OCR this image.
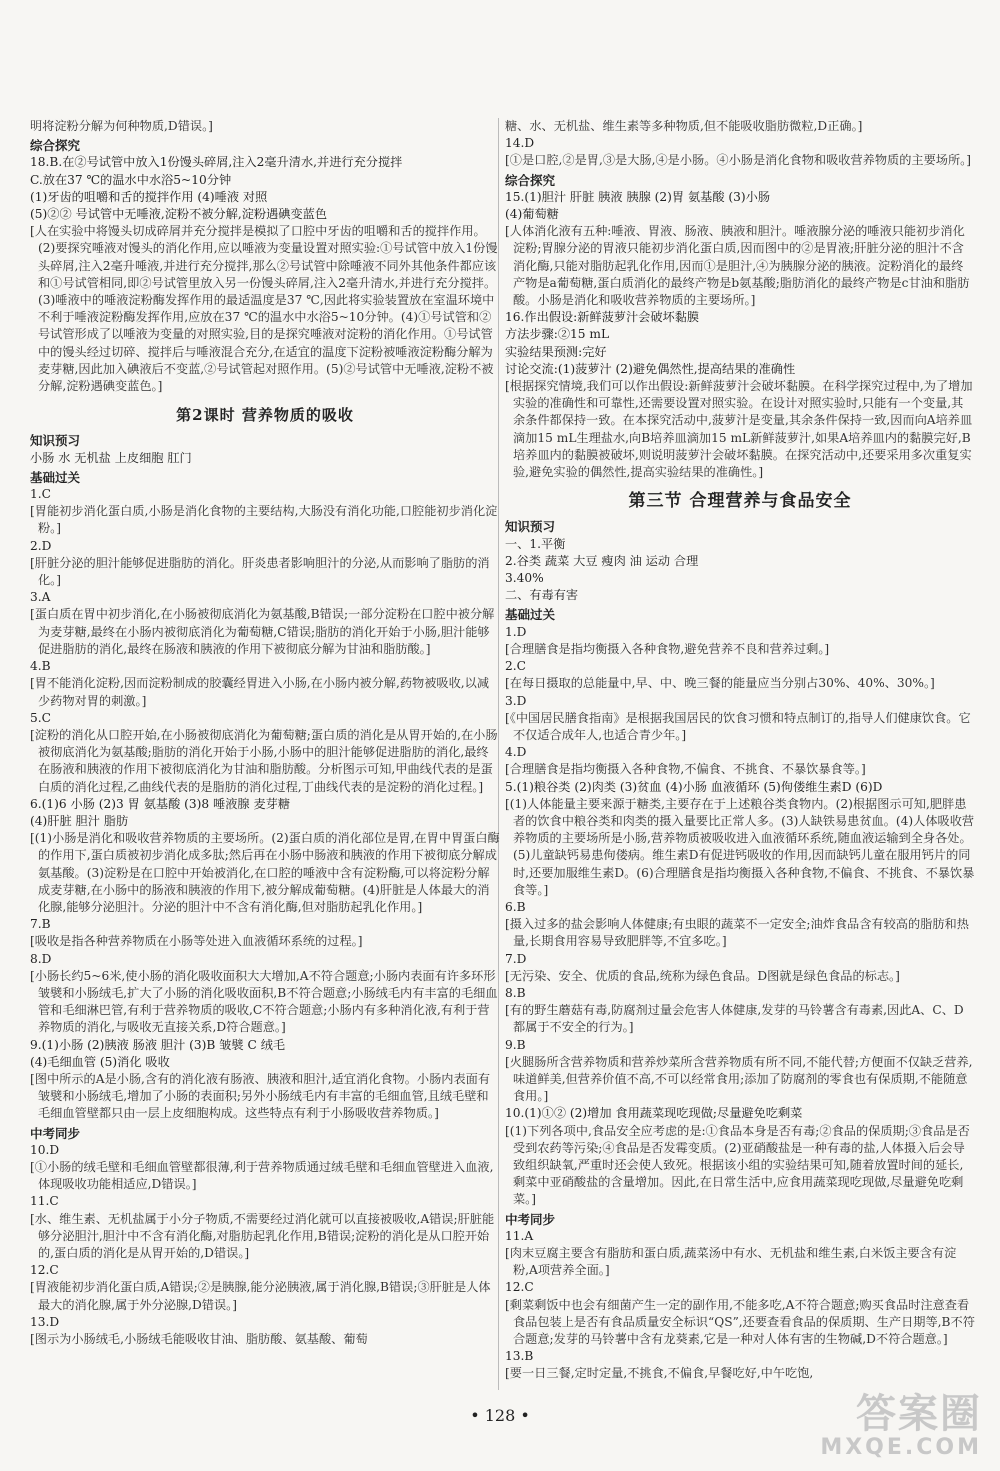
明将淀粉分解为何种物质,D错误。]

综合探究

18.B.在②号试管中放入1份馒头碎屑,注入2毫升清水,并进行充分搅拌

C.放在37 ℃的温水中水浴5~10分钟

(1)牙齿的咀嚼和舌的搅拌作用 (4)唾液 对照

(5)②② 号试管中无唾液,淀粉不被分解,淀粉遇碘变蓝色

[人在实验中将馒头切成碎屑并充分搅拌是模拟了口腔中牙齿的咀嚼和舌的搅拌作用。(2)要探究唾液对馒头的消化作用,应以唾液为变量设置对照实验:①号试管中放入1份馒头碎屑,注入2毫升唾液,并进行充分搅拌,那么②号试管中除唾液不同外其他条件都应该和①号试管相同,即②号试管里放入另一份馒头碎屑,注入2毫升清水,并进行充分搅拌。(3)唾液中的唾液淀粉酶发挥作用的最适温度是37 ℃,因此将实验装置放在室温环境中不利于唾液淀粉酶发挥作用,应放在37 ℃的温水中水浴5~10分钟。(4)①号试管和②号试管形成了以唾液为变量的对照实验,目的是探究唾液对淀粉的消化作用。①号试管中的馒头经过切碎、搅拌后与唾液混合充分,在适宜的温度下淀粉被唾液淀粉酶分解为麦芽糖,因此加入碘液后不变蓝,②号试管起对照作用。(5)②号试管中无唾液,淀粉不被分解,淀粉遇碘变蓝色。]

第2课时 营养物质的吸收

知识预习

小肠 水 无机盐 上皮细胞 肛门

基础过关

1.C

[胃能初步消化蛋白质,小肠是消化食物的主要结构,大肠没有消化功能,口腔能初步消化淀粉。]

2.D

[肝脏分泌的胆汁能够促进脂肪的消化。肝炎患者影响胆汁的分泌,从而影响了脂肪的消化。]

3.A

[蛋白质在胃中初步消化,在小肠被彻底消化为氨基酸,B错误;一部分淀粉在口腔中被分解为麦芽糖,最终在小肠内被彻底消化为葡萄糖,C错误;脂肪的消化开始于小肠,胆汁能够促进脂肪的消化,最终在肠液和胰液的作用下被彻底分解为甘油和脂肪酸。]

4.B

[胃不能消化淀粉,因而淀粉制成的胶囊经胃进入小肠,在小肠内被分解,药物被吸收,以减少药物对胃的刺激。]

5.C

[淀粉的消化从口腔开始,在小肠被彻底消化为葡萄糖;蛋白质的消化是从胃开始的,在小肠被彻底消化为氨基酸;脂肪的消化开始于小肠,小肠中的胆汁能够促进脂肪的消化,最终在肠液和胰液的作用下被彻底消化为甘油和脂肪酸。分析图示可知,甲曲线代表的是蛋白质的消化过程,乙曲线代表的是脂肪的消化过程,丁曲线代表的是淀粉的消化过程。]

6.(1)6 小肠 (2)3 胃 氨基酸 (3)8 唾液腺 麦芽糖

(4)肝脏 胆汁 脂肪

[(1)小肠是消化和吸收营养物质的主要场所。(2)蛋白质的消化部位是胃,在胃中胃蛋白酶的作用下,蛋白质被初步消化成多肽;然后再在小肠中肠液和胰液的作用下被彻底分解成氨基酸。(3)淀粉是在口腔中开始被消化,在口腔的唾液中含有淀粉酶,可以将淀粉分解成麦芽糖,在小肠中的肠液和胰液的作用下,被分解成葡萄糖。(4)肝脏是人体最大的消化腺,能够分泌胆汁。分泌的胆汁中不含有消化酶,但对脂肪起乳化作用。]

7.B

[吸收是指各种营养物质在小肠等处进入血液循环系统的过程。]

8.D

[小肠长约5~6米,使小肠的消化吸收面积大大增加,A不符合题意;小肠内表面有许多环形皱襞和小肠绒毛,扩大了小肠的消化吸收面积,B不符合题意;小肠绒毛内有丰富的毛细血管和毛细淋巴管,有利于营养物质的吸收,C不符合题意;小肠内有多种消化液,有利于营养物质的消化,与吸收无直接关系,D符合题意。]

9.(1)小肠 (2)胰液 肠液 胆汁 (3)B 皱襞 C 绒毛

(4)毛细血管 (5)消化 吸收

[图中所示的A是小肠,含有的消化液有肠液、胰液和胆汁,适宜消化食物。小肠内表面有皱襞和小肠绒毛,增加了小肠的表面积;另外小肠绒毛内有丰富的毛细血管,且绒毛壁和毛细血管壁都只由一层上皮细胞构成。这些特点有利于小肠吸收营养物质。]

中考同步

10.D

[①小肠的绒毛壁和毛细血管壁都很薄,利于营养物质通过绒毛壁和毛细血管壁进入血液,体现吸收功能相适应,D错误。]

11.C

[水、维生素、无机盐属于小分子物质,不需要经过消化就可以直接被吸收,A错误;肝脏能够分泌胆汁,胆汁中不含有消化酶,对脂肪起乳化作用,B错误;淀粉的消化是从口腔开始的,蛋白质的消化是从胃开始的,D错误。]

12.C

[胃液能初步消化蛋白质,A错误;②是胰腺,能分泌胰液,属于消化腺,B错误;③肝脏是人体最大的消化腺,属于外分泌腺,D错误。]

13.D

[图示为小肠绒毛,小肠绒毛能吸收甘油、脂肪酸、氨基酸、葡萄

糖、水、无机盐、维生素等多种物质,但不能吸收脂肪微粒,D正确。]

14.D

[①是口腔,②是胃,③是大肠,④是小肠。④小肠是消化食物和吸收营养物质的主要场所。]

综合探究

15.(1)胆汁 肝脏 胰液 胰腺 (2)胃 氨基酸 (3)小肠

(4)葡萄糖

[人体消化液有五种:唾液、胃液、肠液、胰液和胆汁。唾液腺分泌的唾液只能初步消化淀粉;胃腺分泌的胃液只能初步消化蛋白质,因而图中的②是胃液;肝脏分泌的胆汁不含消化酶,只能对脂肪起乳化作用,因而①是胆汁,④为胰腺分泌的胰液。淀粉消化的最终产物是a葡萄糖,蛋白质消化的最终产物是b氨基酸;脂肪消化的最终产物是c甘油和脂肪酸。小肠是消化和吸收营养物质的主要场所。]

16.作出假设:新鲜菠萝汁会破坏黏膜

方法步骤:②15 mL

实验结果预测:完好

讨论交流:(1)菠萝汁 (2)避免偶然性,提高结果的准确性

[根据探究情境,我们可以作出假设:新鲜菠萝汁会破坏黏膜。在科学探究过程中,为了增加实验的准确性和可靠性,还需要设置对照实验。在设计对照实验时,只能有一个变量,其余条件都保持一致。在本探究活动中,菠萝汁是变量,其余条件保持一致,因而向A培养皿滴加15 mL生理盐水,向B培养皿滴加15 mL新鲜菠萝汁,如果A培养皿内的黏膜完好,B培养皿内的黏膜被破坏,则说明菠萝汁会破坏黏膜。在探究活动中,还要采用多次重复实验,避免实验的偶然性,提高实验结果的准确性。]

第三节 合理营养与食品安全

知识预习

一、1.平衡

2.谷类 蔬菜 大豆 瘦肉 油 运动 合理

3.40%

二、有毒有害

基础过关

1.D

[合理膳食是指均衡摄入各种食物,避免营养不良和营养过剩。]

2.C

[在每日摄取的总能量中,早、中、晚三餐的能量应当分别占30%、40%、30%。]

3.D

[《中国居民膳食指南》是根据我国居民的饮食习惯和特点制订的,指导人们健康饮食。它不仅适合成年人,也适合青少年。]

4.D

[合理膳食是指均衡摄入各种食物,不偏食、不挑食、不暴饮暴食等。]

5.(1)粮谷类 (2)肉类 (3)贫血 (4)小肠 血液循环 (5)佝偻维生素D (6)D

[(1)人体能量主要来源于糖类,主要存在于上述粮谷类食物内。(2)根据图示可知,肥胖患者的饮食中粮谷类和肉类的摄入量要比正常人多。(3)人缺铁易患贫血。(4)人体吸收营养物质的主要场所是小肠,营养物质被吸收进入血液循环系统,随血液运输到全身各处。(5)儿童缺钙易患佝偻病。维生素D有促进钙吸收的作用,因而缺钙儿童在服用钙片的同时,还要加服维生素D。(6)合理膳食是指均衡摄入各种食物,不偏食、不挑食、不暴饮暴食等。]

6.B

[摄入过多的盐会影响人体健康;有虫眼的蔬菜不一定安全;油炸食品含有较高的脂肪和热量,长期食用容易导致肥胖等,不宜多吃。]

7.D

[无污染、安全、优质的食品,统称为绿色食品。D图就是绿色食品的标志。]

8.B

[有的野生蘑菇有毒,防腐剂过量会危害人体健康,发芽的马铃薯含有毒素,因此A、C、D都属于不安全的行为。]

9.B

[火腿肠所含营养物质和营养炒菜所含营养物质有所不同,不能代替;方便面不仅缺乏营养,味道鲜美,但营养价值不高,不可以经常食用;添加了防腐剂的零食也有保质期,不能随意食用。]

10.(1)①② (2)增加 食用蔬菜现吃现做;尽量避免吃剩菜

[(1)下列各项中,食品安全应考虑的是:①食品本身是否有毒;②食品的保质期;③食品是否受到农药等污染;④食品是否发霉变质。(2)亚硝酸盐是一种有毒的盐,人体摄入后会导致组织缺氧,严重时还会使人致死。根据该小组的实验结果可知,随着放置时间的延长,剩菜中亚硝酸盐的含量增加。因此,在日常生活中,应食用蔬菜现吃现做,尽量避免吃剩菜。]

中考同步

11.A

[肉末豆腐主要含有脂肪和蛋白质,蔬菜汤中有水、无机盐和维生素,白米饭主要含有淀粉,A项营养全面。]

12.C

[剩菜剩饭中也会有细菌产生一定的副作用,不能多吃,A不符合题意;购买食品时注意查看食品包装上是否有食品质量安全标识“QS”,还要查看食品的保质期、生产日期等,B不符合题意;发芽的马铃薯中含有龙葵素,它是一种对人体有害的生物碱,D不符合题意。]

13.B

[要一日三餐,定时定量,不挑食,不偏食,早餐吃好,中午吃饱,

• 128 •	答案圈
MXQE.COM
